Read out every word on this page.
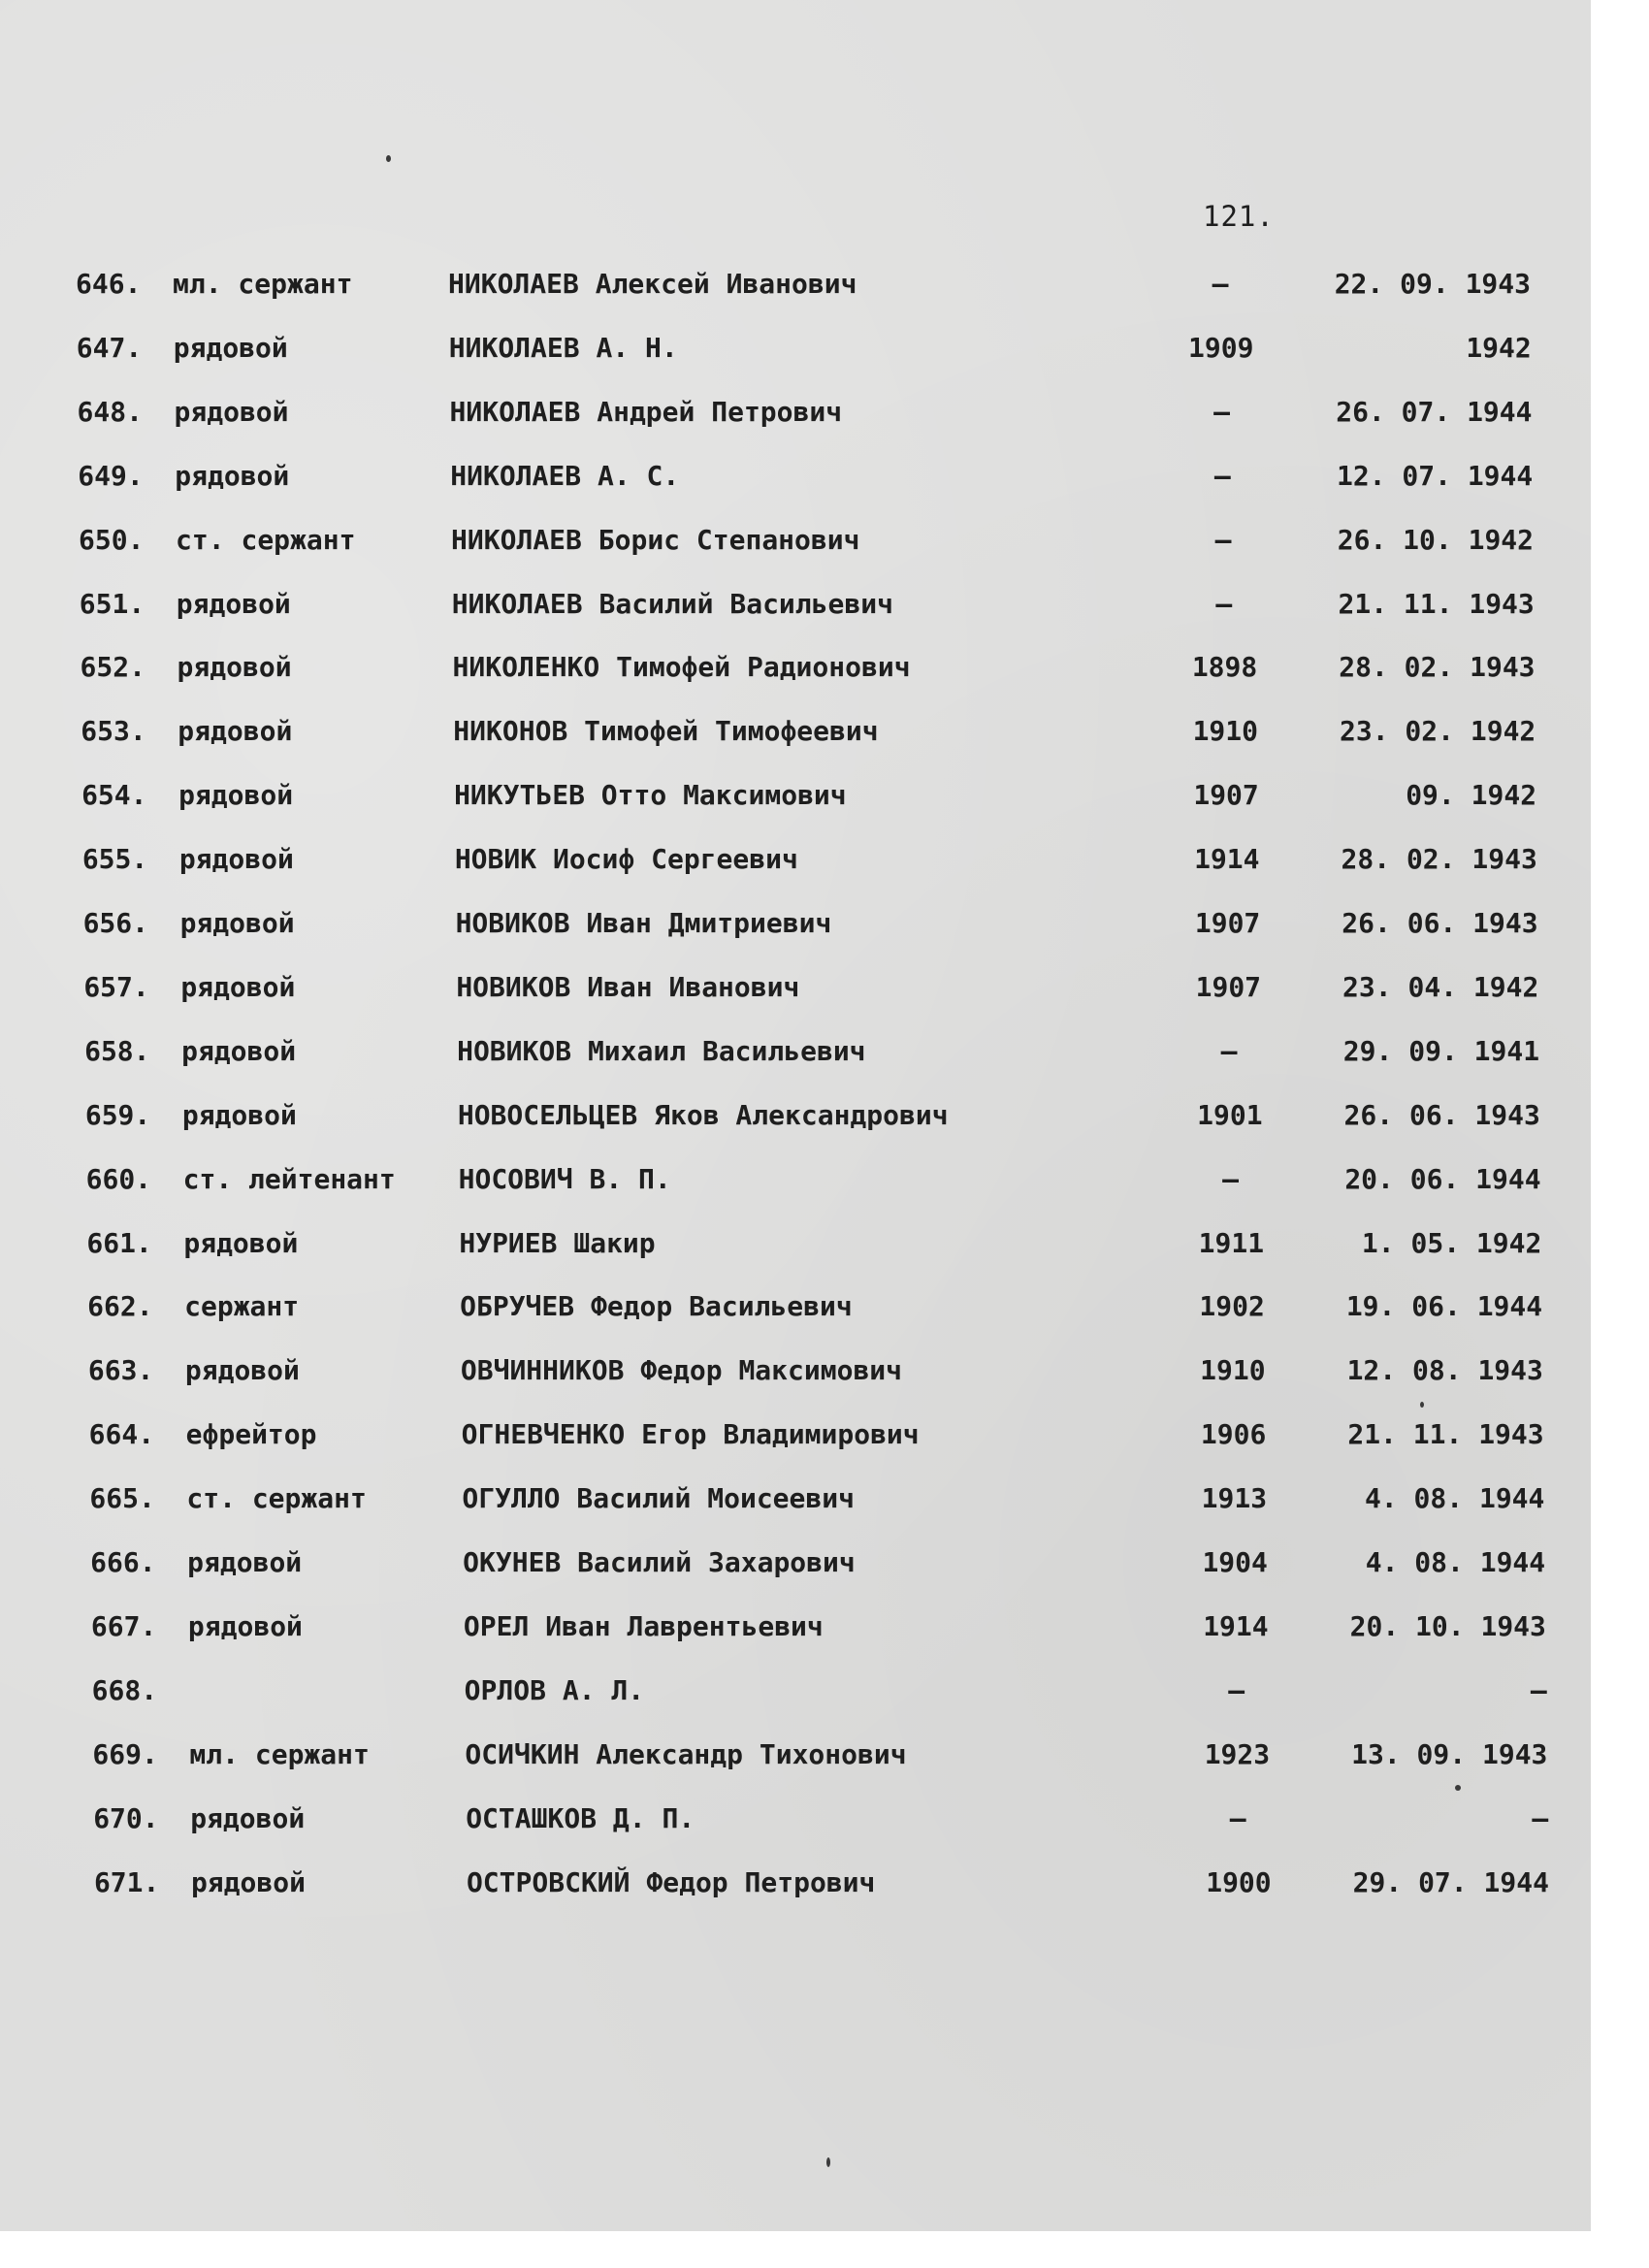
121.
646. мл. сержант	НИКОЛАЕВ Алексей Иванович	–	22. 09. 1943
647. рядовой	НИКОЛАЕВ А. Н.	1909	1942
648. рядовой	НИКОЛАЕВ Андрей Петрович	–	26. 07. 1944
649. рядовой	НИКОЛАЕВ А. С.	–	12. 07. 1944
650. ст. сержант	НИКОЛАЕВ Борис Степанович	–	26. 10. 1942
651. рядовой	НИКОЛАЕВ Василий Васильевич	–	21. 11. 1943
652. рядовой	НИКОЛЕНКО Тимофей Радионович	1898	28. 02. 1943
653. рядовой	НИКОНОВ Тимофей Тимофеевич	1910	23. 02. 1942
654. рядовой	НИКУТЬЕВ Отто Максимович	1907	09. 1942
655. рядовой	НОВИК Иосиф Сергеевич	1914	28. 02. 1943
656. рядовой	НОВИКОВ Иван Дмитриевич	1907	26. 06. 1943
657. рядовой	НОВИКОВ Иван Иванович	1907	23. 04. 1942
658. рядовой	НОВИКОВ Михаил Васильевич	–	29. 09. 1941
659. рядовой	НОВОСЕЛЬЦЕВ Яков Александрович	1901	26. 06. 1943
660. ст. лейтенант НОСОВИЧ В. П.	–	20. 06. 1944
661. рядовой	НУРИЕВ Шакир	1911	1. 05. 1942
662. сержант	ОБРУЧЕВ Федор Васильевич	1902	19. 06. 1944
663. рядовой	ОВЧИННИКОВ Федор Максимович	1910	12. 08. 1943
664. ефрейтор	ОГНЕВЧЕНКО Егор Владимирович	1906	21. 11. 1943
665. ст. сержант	ОГУЛЛО Василий Моисеевич	1913	4. 08. 1944
666. рядовой	ОКУНЕВ Василий Захарович	1904	4. 08. 1944
667. рядовой	ОРЕЛ Иван Лаврентьевич	1914	20. 10. 1943
668.	ОРЛОВ А. Л.	–	–
669. мл. сержант	ОСИЧКИН Александр Тихонович	1923	13. 09. 1943
670. рядовой	ОСТАШКОВ Д. П.	–	–
671. рядовой	ОСТРОВСКИЙ Федор Петрович	1900	29. 07. 1944
